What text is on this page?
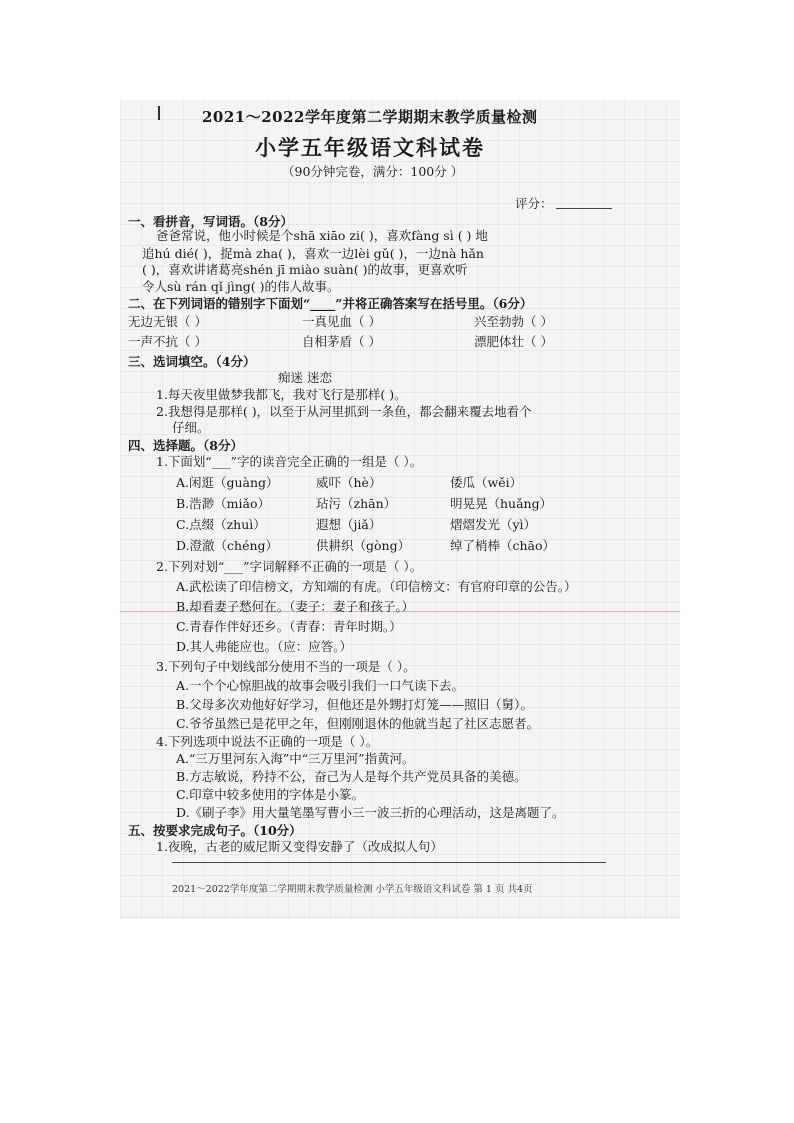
2021～2022学年度第二学期期末教学质量检测
小学五年级语文科试卷
（90分钟完卷，满分：100分 ）
评分：
一、看拼音，写词语。（8分）
爸爸常说，他小时候是个shā xiāo zi( )，喜欢fàng sì ( ) 地
追hú dié( )，捉mà zha( )，喜欢一边lèi gǔ( )，一边nà hǎn
( )，喜欢讲诸葛亮shén jī miào suàn( )的故事，更喜欢听
令人sù rán qǐ jìng( )的伟人故事。
二、在下列词语的错别字下面划“____”并将正确答案写在括号里。（6分）
无边无银（ ）	一真见血（ ）	兴至勃勃（ ）
一声不抗（ ）	自相茅盾（ ）	漂肥体壮（ ）
三、选词填空。（4分）
痴迷 迷恋
1.每天夜里做梦我都飞，我对飞行是那样( )。
2.我想得是那样( )，以至于从河里抓到一条鱼，都会翻来覆去地看个
仔细。
四、选择题。（8分）
1.下面划“___”字的读音完全正确的一组是（ ）。
A.闲逛（guàng）	威吓（hè）	倭瓜（wěi）
B.浩渺（miǎo）	玷污（zhān）	明晃晃（huǎng）
C.点缀（zhuì）	遐想（jiǎ）	熠熠发光（yì）
D.澄澈（chéng）	供耕织（gòng）	绰了梢棒（chāo）
2.下列对划“___”字词解释不正确的一项是（ ）。
A.武松读了印信榜文，方知端的有虎。（印信榜文：有官府印章的公告。）
B.却看妻子愁何在。（妻子：妻子和孩子。）
C.青春作伴好还乡。（青春：青年时期。）
D.其人弗能应也。（应：应答。）
3.下列句子中划线部分使用不当的一项是（ ）。
A.一个个心惊胆战的故事会吸引我们一口气读下去。
B.父母多次劝他好好学习，但他还是外甥打灯笼——照旧（舅）。
C.爷爷虽然已是花甲之年，但刚刚退休的他就当起了社区志愿者。
4.下列选项中说法不正确的一项是（ ）。
A.“三万里河东入海”中“三万里河”指黄河。
B.方志敏说，矜持不公，奋己为人是每个共产党员具备的美德。
C.印章中较多使用的字体是小篆。
D.《刷子李》用大量笔墨写曹小三一波三折的心理活动，这是离题了。
五、按要求完成句子。（10分）
1.夜晚，古老的威尼斯又变得安静了（改成拟人句）
2021～2022学年度第二学期期末教学质量检测 小学五年级语文科试卷 第 1 页 共4页
